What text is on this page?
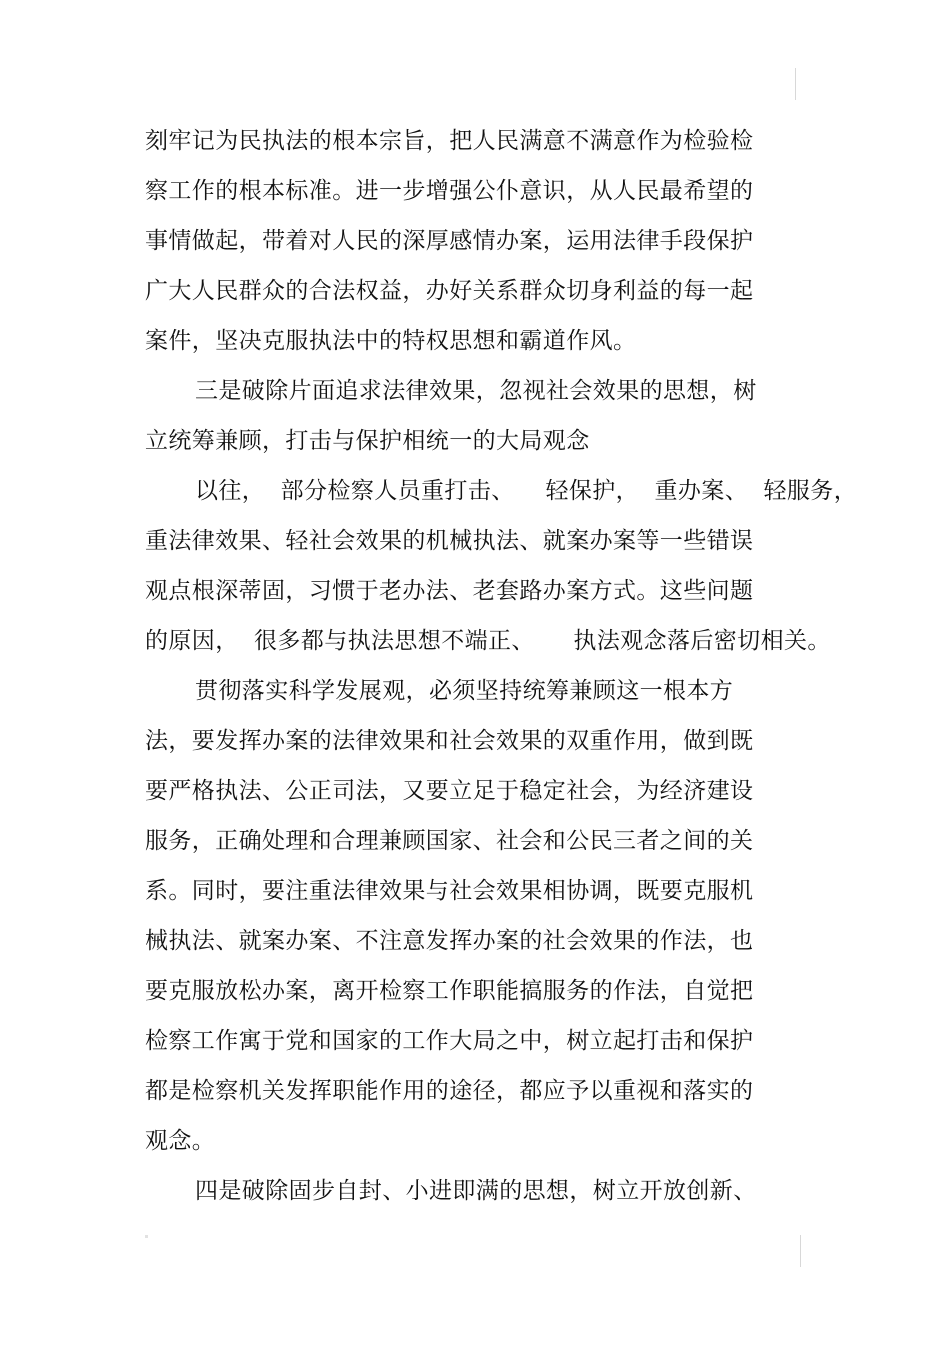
刻牢记为民执法的根本宗旨，把人民满意不满意作为检验检
察工作的根本标准。进一步增强公仆意识，从人民最希望的
事情做起，带着对人民的深厚感情办案，运用法律手段保护
广大人民群众的合法权益，办好关系群众切身利益的每一起
案件，坚决克服执法中的特权思想和霸道作风。
三是破除片面追求法律效果，忽视社会效果的思想，树
立统筹兼顾，打击与保护相统一的大局观念
以往，  部分检察人员重打击、    轻保护，  重办案、  轻服务，
重法律效果、轻社会效果的机械执法、就案办案等一些错误
观点根深蒂固，习惯于老办法、老套路办案方式。这些问题
的原因，  很多都与执法思想不端正、     执法观念落后密切相关。
贯彻落实科学发展观，必须坚持统筹兼顾这一根本方
法，要发挥办案的法律效果和社会效果的双重作用，做到既
要严格执法、公正司法，又要立足于稳定社会，为经济建设
服务，正确处理和合理兼顾国家、社会和公民三者之间的关
系。同时，要注重法律效果与社会效果相协调，既要克服机
械执法、就案办案、不注意发挥办案的社会效果的作法，也
要克服放松办案，离开检察工作职能搞服务的作法，自觉把
检察工作寓于党和国家的工作大局之中，树立起打击和保护
都是检察机关发挥职能作用的途径，都应予以重视和落实的
观念。
四是破除固步自封、小进即满的思想，树立开放创新、
